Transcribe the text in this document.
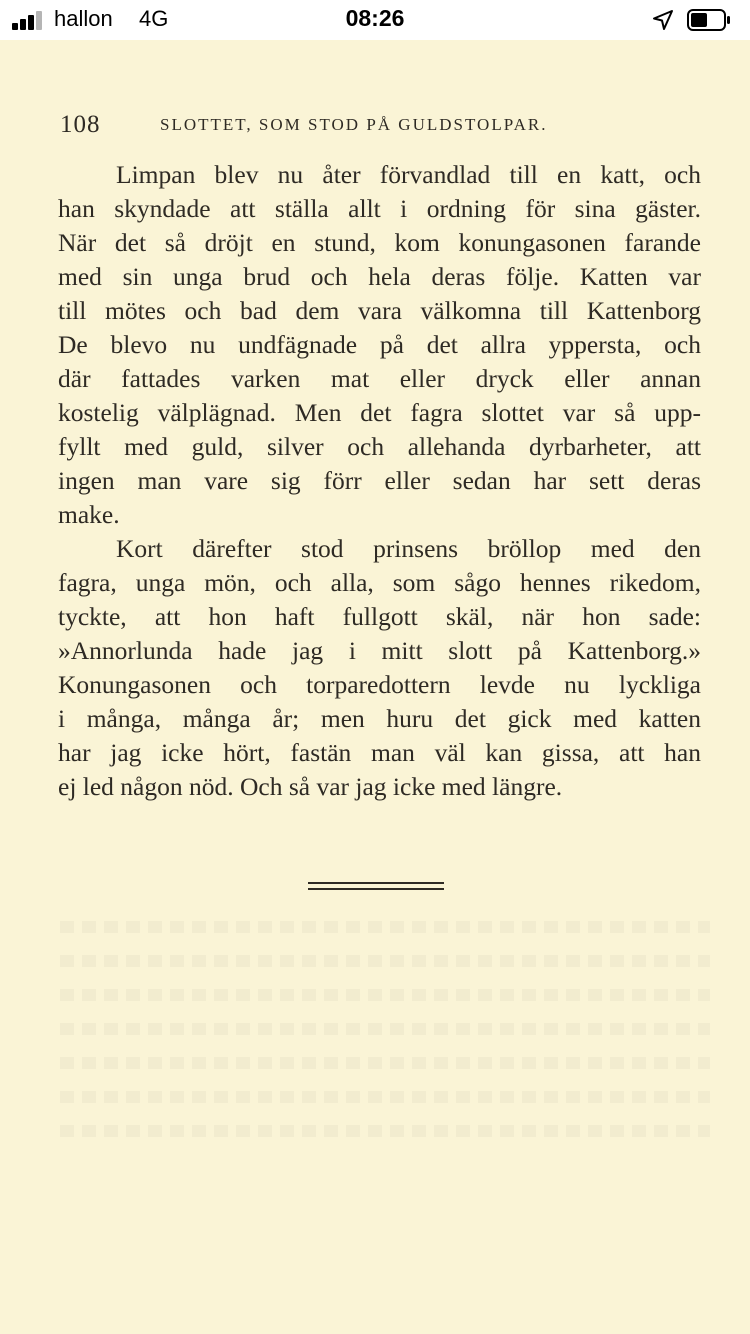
hallon 4G	08:26
108	SLOTTET, SOM STOD PÅ GULDSTOLPAR.
Limpan blev nu åter förvandlad till en katt, och
han skyndade att ställa allt i ordning för sina gäster.
När det så dröjt en stund, kom konungasonen farande
med sin unga brud och hela deras följe. Katten var
till mötes och bad dem vara välkomna till Kattenborg
De blevo nu undfägnade på det allra yppersta, och
där fattades varken mat eller dryck eller annan
kostelig välplägnad. Men det fagra slottet var så upp-
fyllt med guld, silver och allehanda dyrbarheter, att
ingen man vare sig förr eller sedan har sett deras
make.
Kort därefter stod prinsens bröllop med den
fagra, unga mön, och alla, som sågo hennes rikedom,
tyckte, att hon haft fullgott skäl, när hon sade:
»Annorlunda hade jag i mitt slott på Kattenborg.»
Konungasonen och torparedottern levde nu lyckliga
i många, många år; men huru det gick med katten
har jag icke hört, fastän man väl kan gissa, att han
ej led någon nöd. Och så var jag icke med längre.
